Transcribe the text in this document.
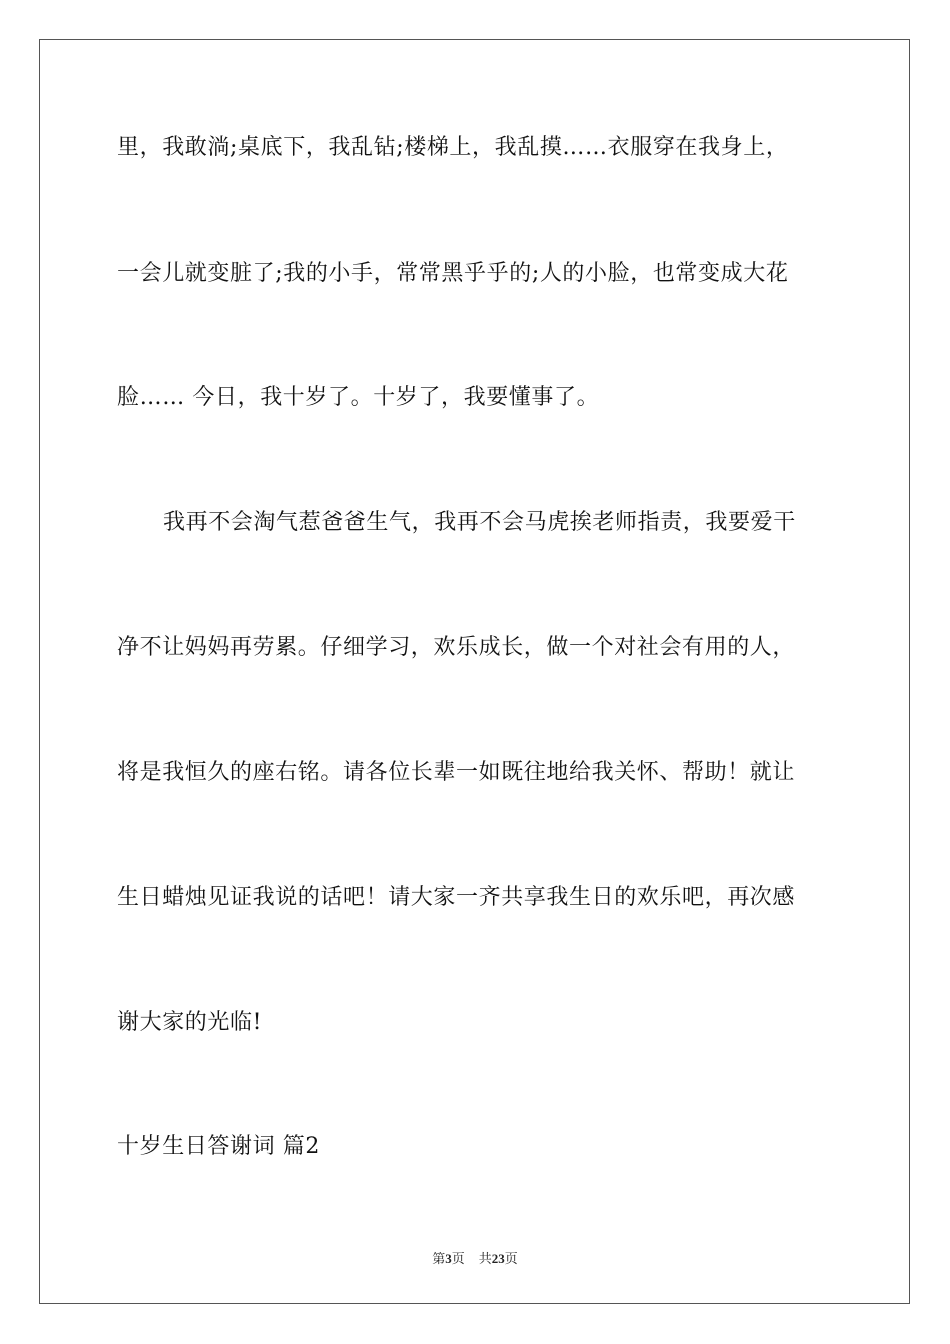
里，我敢淌;桌底下，我乱钻;楼梯上，我乱摸……衣服穿在我身上，
一会儿就变脏了;我的小手，常常黑乎乎的;人的小脸，也常变成大花
脸…… 今日，我十岁了。十岁了，我要懂事了。
我再不会淘气惹爸爸生气，我再不会马虎挨老师指责，我要爱干
净不让妈妈再劳累。仔细学习，欢乐成长，做一个对社会有用的人，
将是我恒久的座右铭。请各位长辈一如既往地给我关怀、帮助！就让
生日蜡烛见证我说的话吧！请大家一齐共享我生日的欢乐吧，再次感
谢大家的光临!
十岁生日答谢词 篇2
第3页 共23页
